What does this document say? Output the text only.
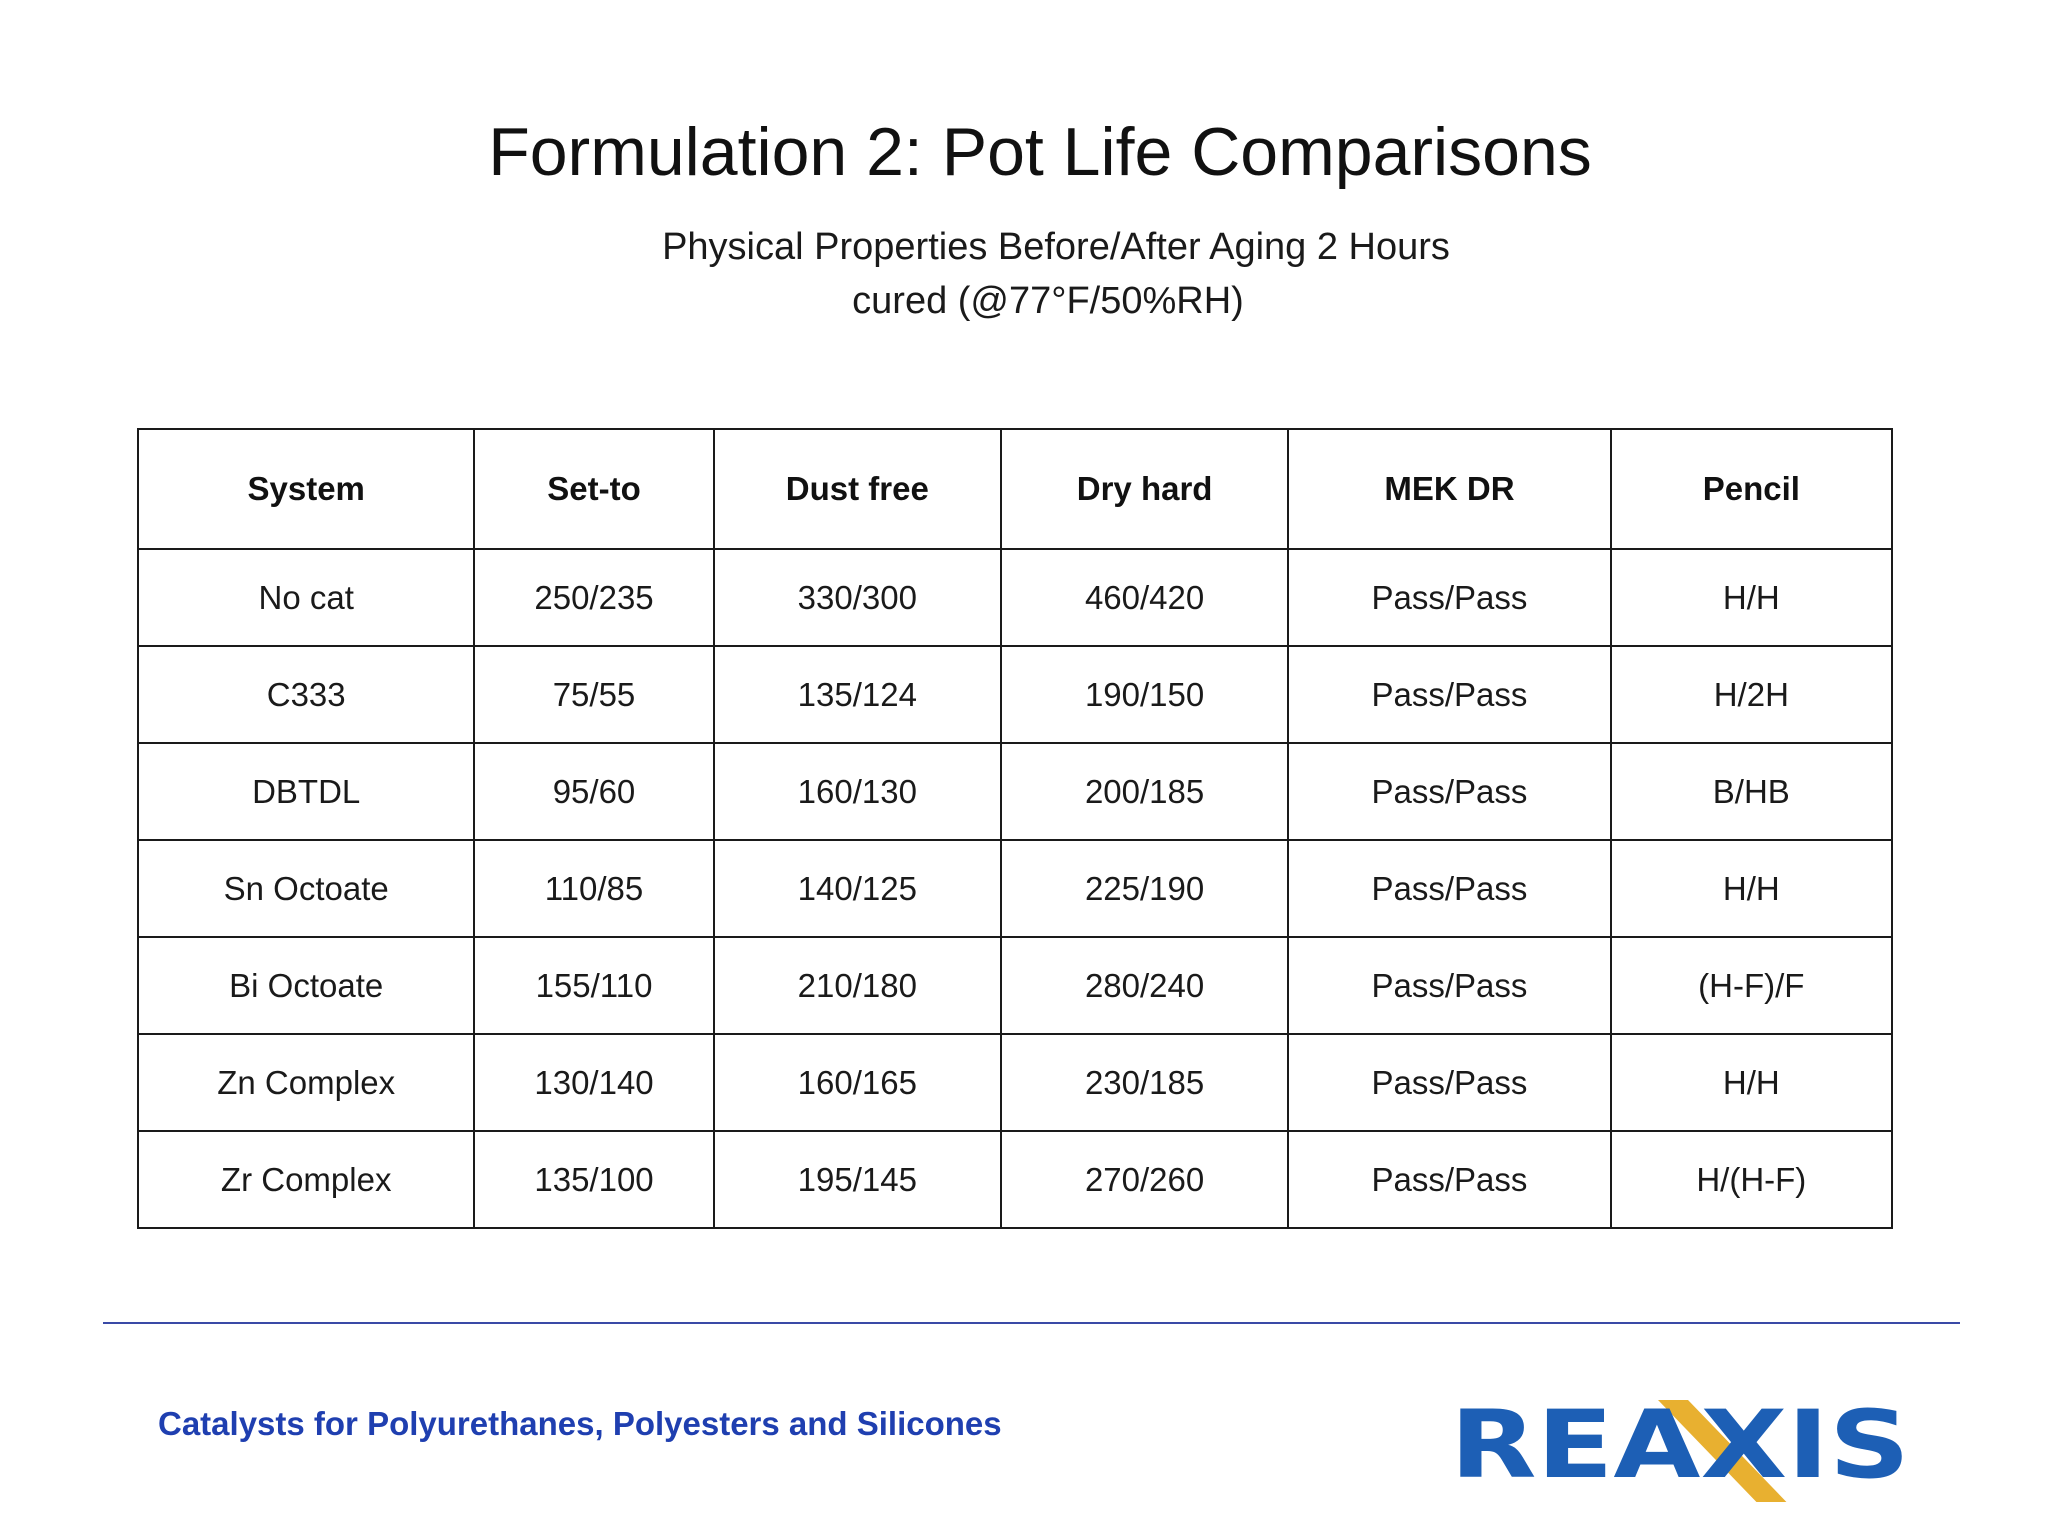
Formulation 2: Pot Life Comparisons
Physical Properties Before/After Aging 2 Hours
cured (@77°F/50%RH)
System	Set-to	Dust free	Dry hard	MEK DR	Pencil
No cat	250/235	330/300	460/420	Pass/Pass	H/H
C333	75/55	135/124	190/150	Pass/Pass	H/2H
DBTDL	95/60	160/130	200/185	Pass/Pass	B/HB
Sn Octoate	110/85	140/125	225/190	Pass/Pass	H/H
Bi Octoate	155/110	210/180	280/240	Pass/Pass	(H-F)/F
Zn Complex	130/140	160/165	230/185	Pass/Pass	H/H
Zr Complex	135/100	195/145	270/260	Pass/Pass	H/(H-F)
Catalysts for Polyurethanes, Polyesters and Silicones	REAXIS
